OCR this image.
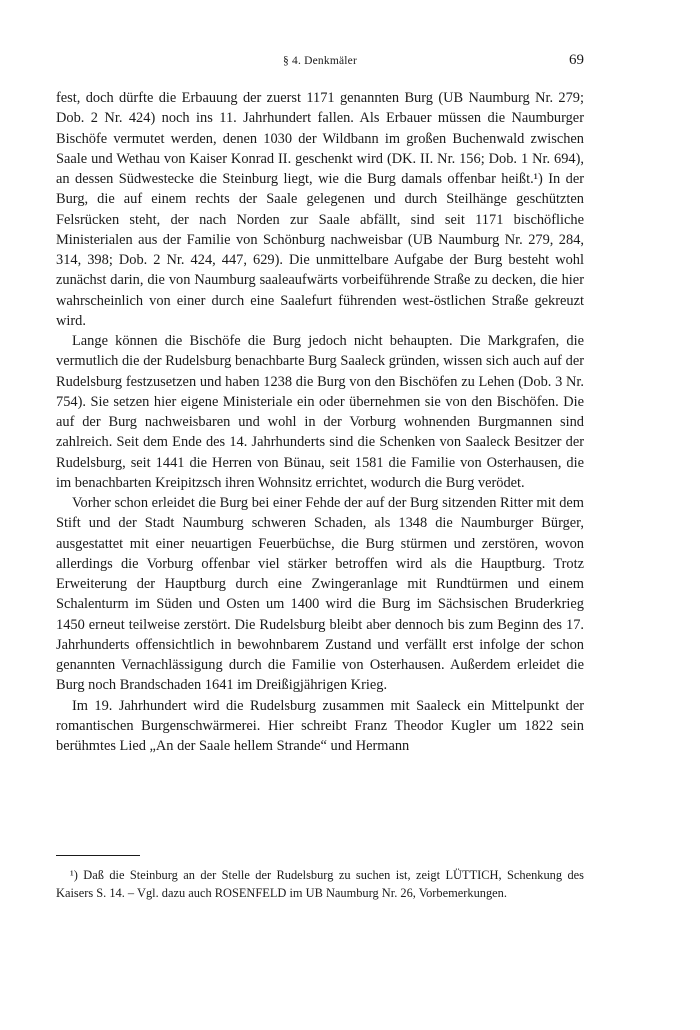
§ 4. Denkmäler	69

fest, doch dürfte die Erbauung der zuerst 1171 genannten Burg (UB Naumburg Nr. 279; Dob. 2 Nr. 424) noch ins 11. Jahrhundert fallen. Als Erbauer müssen die Naumburger Bischöfe vermutet werden, denen 1030 der Wildbann im großen Buchenwald zwischen Saale und Wethau von Kaiser Konrad II. geschenkt wird (DK. II. Nr. 156; Dob. 1 Nr. 694), an dessen Südwestecke die Steinburg liegt, wie die Burg damals offenbar heißt.¹) In der Burg, die auf einem rechts der Saale gelegenen und durch Steilhänge geschützten Felsrücken steht, der nach Norden zur Saale abfällt, sind seit 1171 bischöfliche Ministerialen aus der Familie von Schönburg nachweisbar (UB Naumburg Nr. 279, 284, 314, 398; Dob. 2 Nr. 424, 447, 629). Die unmittelbare Aufgabe der Burg besteht wohl zunächst darin, die von Naumburg saaleaufwärts vorbeiführende Straße zu decken, die hier wahrscheinlich von einer durch eine Saalefurt führenden west-östlichen Straße gekreuzt wird.

Lange können die Bischöfe die Burg jedoch nicht behaupten. Die Markgrafen, die vermutlich die der Rudelsburg benachbarte Burg Saaleck gründen, wissen sich auch auf der Rudelsburg festzusetzen und haben 1238 die Burg von den Bischöfen zu Lehen (Dob. 3 Nr. 754). Sie setzen hier eigene Ministeriale ein oder übernehmen sie von den Bischöfen. Die auf der Burg nachweisbaren und wohl in der Vorburg wohnenden Burgmannen sind zahlreich. Seit dem Ende des 14. Jahrhunderts sind die Schenken von Saaleck Besitzer der Rudelsburg, seit 1441 die Herren von Bünau, seit 1581 die Familie von Osterhausen, die im benachbarten Kreipitzsch ihren Wohnsitz errichtet, wodurch die Burg verödet.

Vorher schon erleidet die Burg bei einer Fehde der auf der Burg sitzenden Ritter mit dem Stift und der Stadt Naumburg schweren Schaden, als 1348 die Naumburger Bürger, ausgestattet mit einer neuartigen Feuerbüchse, die Burg stürmen und zerstören, wovon allerdings die Vorburg offenbar viel stärker betroffen wird als die Hauptburg. Trotz Erweiterung der Hauptburg durch eine Zwingeranlage mit Rundtürmen und einem Schalenturm im Süden und Osten um 1400 wird die Burg im Sächsischen Bruderkrieg 1450 erneut teilweise zerstört. Die Rudelsburg bleibt aber dennoch bis zum Beginn des 17. Jahrhunderts offensichtlich in bewohnbarem Zustand und verfällt erst infolge der schon genannten Vernachlässigung durch die Familie von Osterhausen. Außerdem erleidet die Burg noch Brandschaden 1641 im Dreißigjährigen Krieg.

Im 19. Jahrhundert wird die Rudelsburg zusammen mit Saaleck ein Mittelpunkt der romantischen Burgenschwärmerei. Hier schreibt Franz Theodor Kugler um 1822 sein berühmtes Lied „An der Saale hellem Strande“ und Hermann

¹) Daß die Steinburg an der Stelle der Rudelsburg zu suchen ist, zeigt LÜTTICH, Schenkung des Kaisers S. 14. – Vgl. dazu auch ROSENFELD im UB Naumburg Nr. 26, Vorbemerkungen.
